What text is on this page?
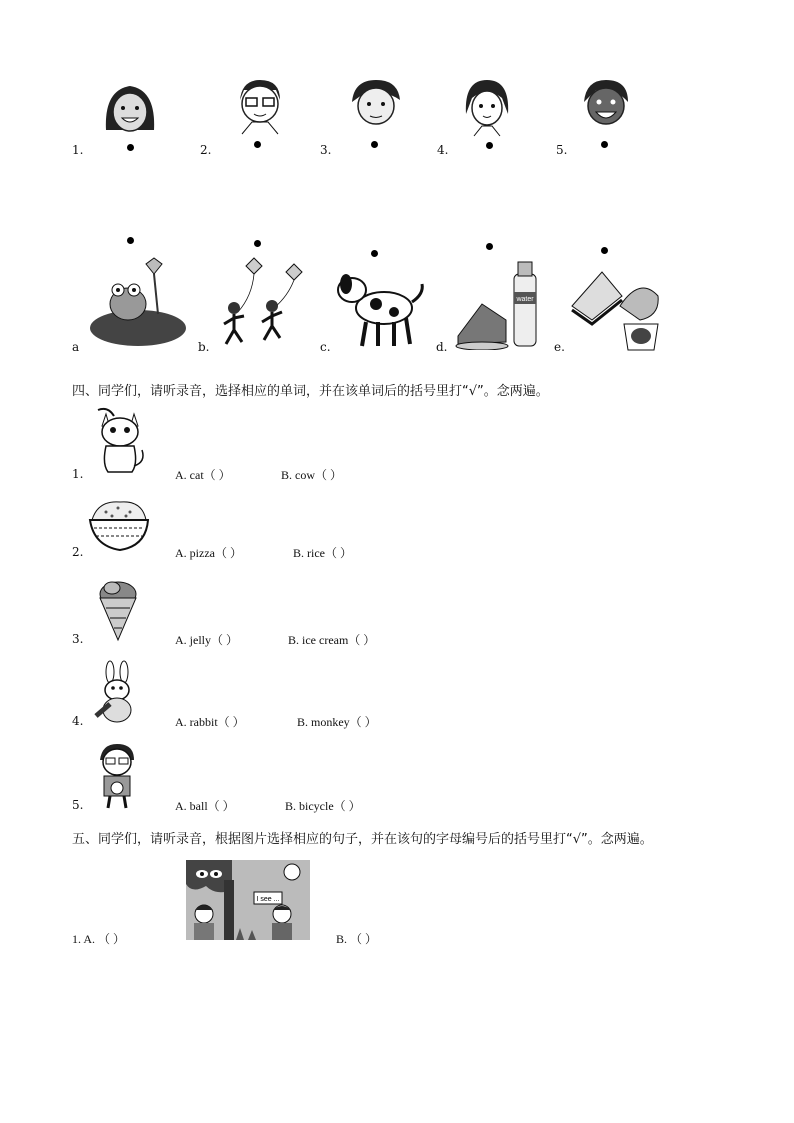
1.	2.	3.	4.	5.
a	b.	c.
water
d.	e.
四、同学们，请听录音，选择相应的单词，并在该单词后的括号里打“√”。念两遍。
1.	A. cat（ ）	B. cow（ ）
2.	A. pizza（ ）	B. rice（ ）
3.	A. jelly（ ）	B. ice cream（ ）
4.	A. rabbit（ ）	B. monkey（ ）
5.	A. ball（ ）	B. bicycle（ ）
五、同学们，请听录音，根据图片选择相应的句子，并在该句的字母编号后的括号里打“√”。念两遍。
I see ...
1. A. （ ）	B. （ ）
